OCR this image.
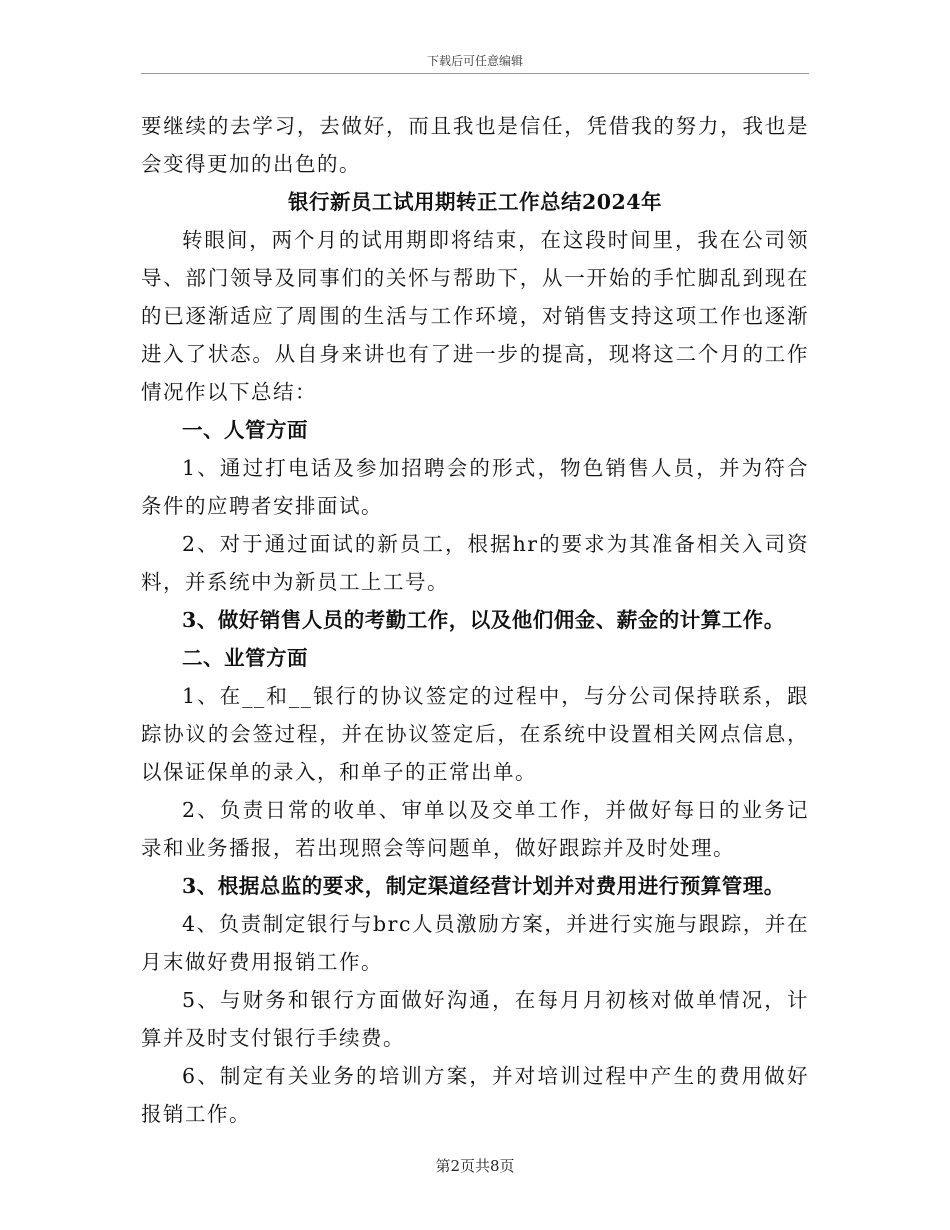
下载后可任意编辑

要继续的去学习，去做好，而且我也是信任，凭借我的努力，我也是会变得更加的出色的。

银行新员工试用期转正工作总结2024年

转眼间，两个月的试用期即将结束，在这段时间里，我在公司领导、部门领导及同事们的关怀与帮助下，从一开始的手忙脚乱到现在的已逐渐适应了周围的生活与工作环境，对销售支持这项工作也逐渐进入了状态。从自身来讲也有了进一步的提高，现将这二个月的工作情况作以下总结：

一、人管方面

1、通过打电话及参加招聘会的形式，物色销售人员，并为符合条件的应聘者安排面试。

2、对于通过面试的新员工，根据hr的要求为其准备相关入司资料，并系统中为新员工上工号。

3、做好销售人员的考勤工作，以及他们佣金、薪金的计算工作。

二、业管方面

1、在__和__银行的协议签定的过程中，与分公司保持联系，跟踪协议的会签过程，并在协议签定后，在系统中设置相关网点信息，以保证保单的录入，和单子的正常出单。

2、负责日常的收单、审单以及交单工作，并做好每日的业务记录和业务播报，若出现照会等问题单，做好跟踪并及时处理。

3、根据总监的要求，制定渠道经营计划并对费用进行预算管理。

4、负责制定银行与brc人员激励方案，并进行实施与跟踪，并在月末做好费用报销工作。

5、与财务和银行方面做好沟通，在每月月初核对做单情况，计算并及时支付银行手续费。

6、制定有关业务的培训方案，并对培训过程中产生的费用做好报销工作。

第2页共8页
